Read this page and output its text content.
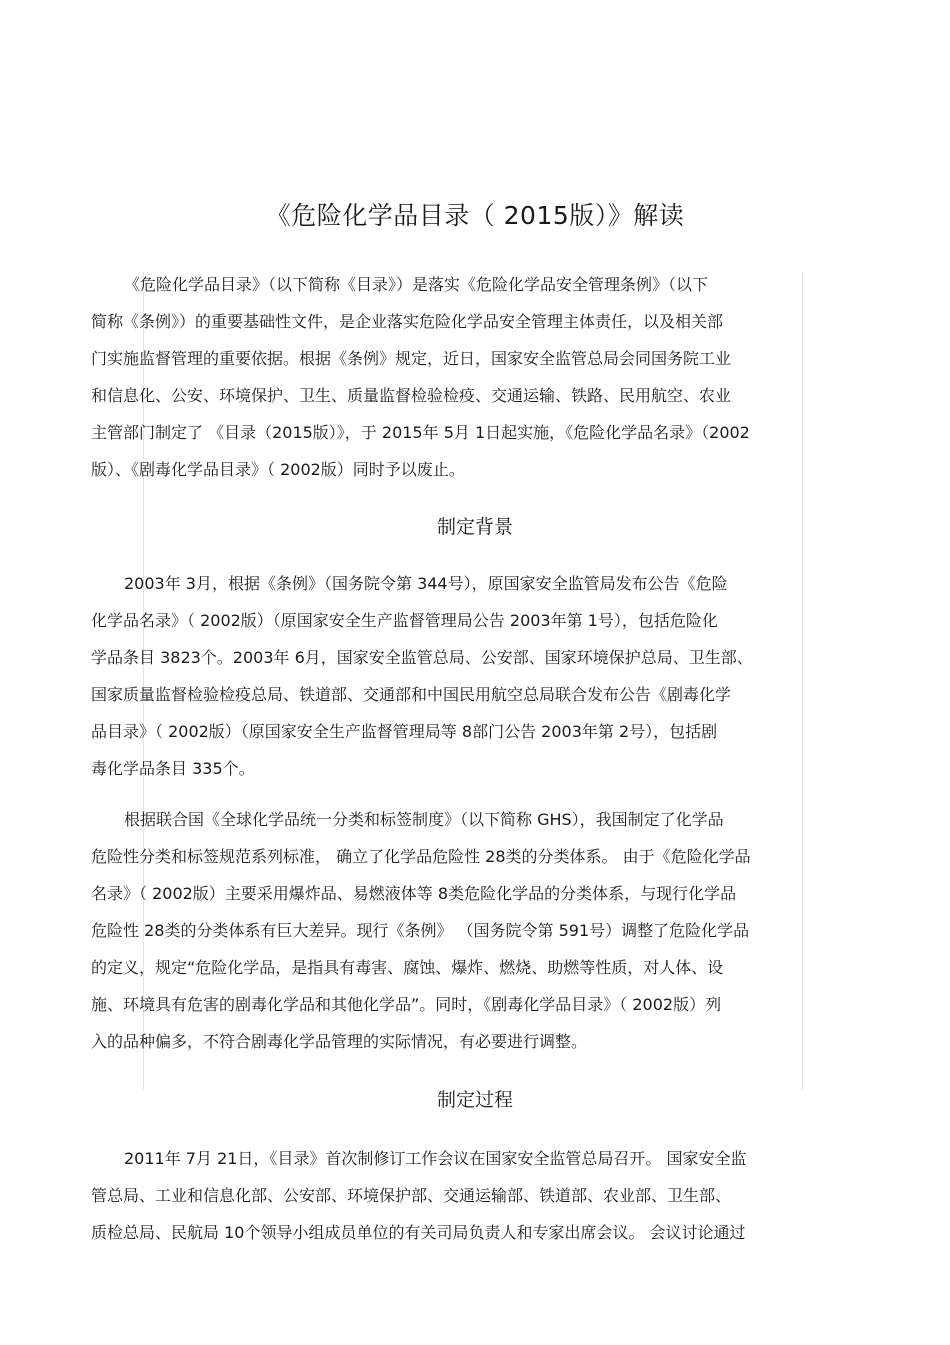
《危险化学品目录（ 2015版）》解读
《危险化学品目录》（以下简称《目录》）是落实《危险化学品安全管理条例》（以下
简称《条例》）的重要基础性文件，是企业落实危险化学品安全管理主体责任，以及相关部
门实施监督管理的重要依据。根据《条例》规定，近日，国家安全监管总局会同国务院工业
和信息化、公安、环境保护、卫生、质量监督检验检疫、交通运输、铁路、民用航空、农业
主管部门制定了 《目录（2015版）》，于 2015年 5月 1日起实施，《危险化学品名录》（2002
版）、《剧毒化学品目录》（ 2002版）同时予以废止。
制定背景
2003年 3月，根据《条例》（国务院令第 344号），原国家安全监管局发布公告《危险
化学品名录》（ 2002版）（原国家安全生产监督管理局公告 2003年第 1号），包括危险化
学品条目 3823个。2003年 6月，国家安全监管总局、公安部、国家环境保护总局、卫生部、
国家质量监督检验检疫总局、铁道部、交通部和中国民用航空总局联合发布公告《剧毒化学
品目录》（ 2002版）（原国家安全生产监督管理局等 8部门公告 2003年第 2号），包括剧
毒化学品条目 335个。
根据联合国《全球化学品统一分类和标签制度》（以下简称 GHS），我国制定了化学品
危险性分类和标签规范系列标准， 确立了化学品危险性 28类的分类体系。 由于《危险化学品
名录》（ 2002版）主要采用爆炸品、易燃液体等 8类危险化学品的分类体系，与现行化学品
危险性 28类的分类体系有巨大差异。现行《条例》 （国务院令第 591号）调整了危险化学品
的定义，规定“危险化学品，是指具有毒害、腐蚀、爆炸、燃烧、助燃等性质，对人体、设
施、环境具有危害的剧毒化学品和其他化学品”。同时，《剧毒化学品目录》（ 2002版）列
入的品种偏多，不符合剧毒化学品管理的实际情况，有必要进行调整。
制定过程
2011年 7月 21日，《目录》首次制修订工作会议在国家安全监管总局召开。 国家安全监
管总局、工业和信息化部、公安部、环境保护部、交通运输部、铁道部、农业部、卫生部、
质检总局、民航局 10个领导小组成员单位的有关司局负责人和专家出席会议。 会议讨论通过
